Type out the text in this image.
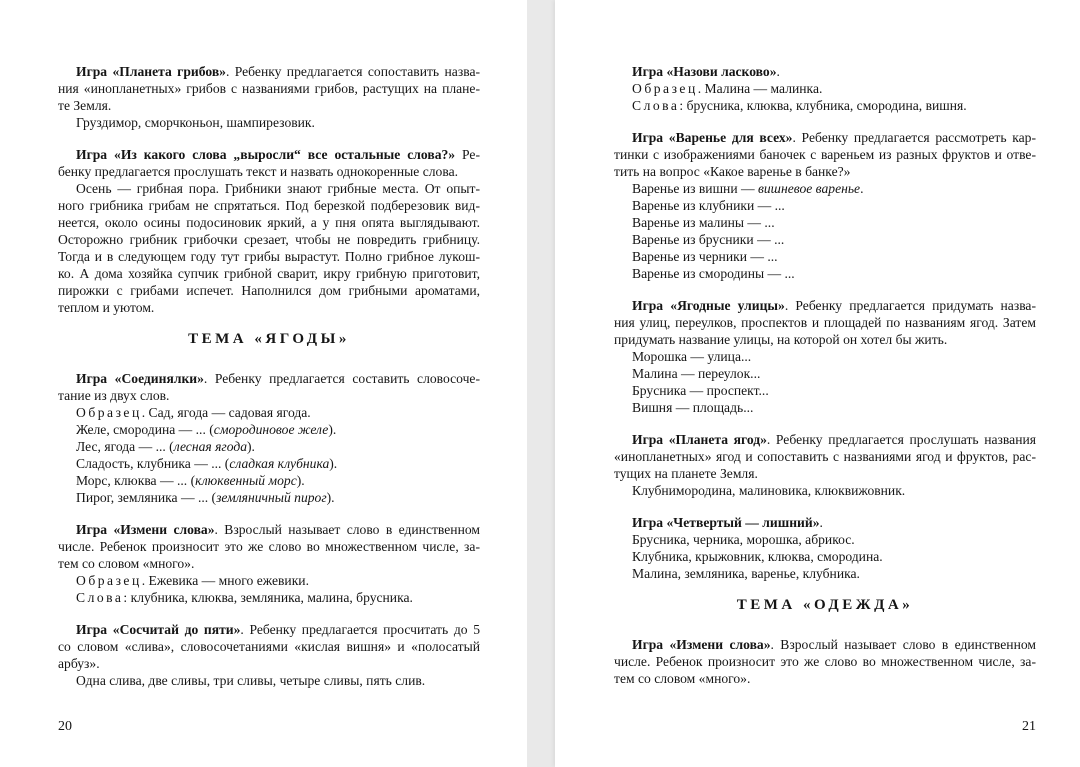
Игра «Планета грибов». Ребенку предлагается сопоставить назва-
ния «инопланетных» грибов с названиями грибов, растущих на плане-
те Земля.
Груздимор, сморчконьон, шампирезовик.
Игра «Из какого слова „выросли“ все остальные слова?» Ре-
бенку предлагается прослушать текст и назвать однокоренные слова.
Осень — грибная пора. Грибники знают грибные места. От опыт-
ного грибника грибам не спрятаться. Под березкой подберезовик вид-
неется, около осины подосиновик яркий, а у пня опята выглядывают.
Осторожно грибник грибочки срезает, чтобы не повредить грибницу.
Тогда и в следующем году тут грибы вырастут. Полно грибное лукош-
ко. А дома хозяйка супчик грибной сварит, икру грибную приготовит,
пирожки с грибами испечет. Наполнился дом грибными ароматами,
теплом и уютом.
ТЕМА «ЯГОДЫ»
Игра «Соединялки». Ребенку предлагается составить словосоче-
тание из двух слов.
Образец. Сад, ягода — садовая ягода.
Желе, смородина — ... (смородиновое желе).
Лес, ягода — ... (лесная ягода).
Сладость, клубника — ... (сладкая клубника).
Морс, клюква — ... (клюквенный морс).
Пирог, земляника — ... (земляничный пирог).
Игра «Измени слова». Взрослый называет слово в единственном
числе. Ребенок произносит это же слово во множественном числе, за-
тем со словом «много».
Образец. Ежевика — много ежевики.
Слова: клубника, клюква, земляника, малина, брусника.
Игра «Сосчитай до пяти». Ребенку предлагается просчитать до 5
со словом «слива», словосочетаниями «кислая вишня» и «полосатый
арбуз».
Одна слива, две сливы, три сливы, четыре сливы, пять слив.
20
Игра «Назови ласково».
Образец. Малина — малинка.
Слова: брусника, клюква, клубника, смородина, вишня.
Игра «Варенье для всех». Ребенку предлагается рассмотреть кар-
тинки с изображениями баночек с вареньем из разных фруктов и отве-
тить на вопрос «Какое варенье в банке?»
Варенье из вишни — вишневое варенье.
Варенье из клубники — ...
Варенье из малины — ...
Варенье из брусники — ...
Варенье из черники — ...
Варенье из смородины — ...
Игра «Ягодные улицы». Ребенку предлагается придумать назва-
ния улиц, переулков, проспектов и площадей по названиям ягод. Затем
придумать название улицы, на которой он хотел бы жить.
Морошка — улица...
Малина — переулок...
Брусника — проспект...
Вишня — площадь...
Игра «Планета ягод». Ребенку предлагается прослушать названия
«инопланетных» ягод и сопоставить с названиями ягод и фруктов, рас-
тущих на планете Земля.
Клубнимородина, малиновика, клюквижовник.
Игра «Четвертый — лишний».
Брусника, черника, морошка, абрикос.
Клубника, крыжовник, клюква, смородина.
Малина, земляника, варенье, клубника.
ТЕМА «ОДЕЖДА»
Игра «Измени слова». Взрослый называет слово в единственном
числе. Ребенок произносит это же слово во множественном числе, за-
тем со словом «много».
21
